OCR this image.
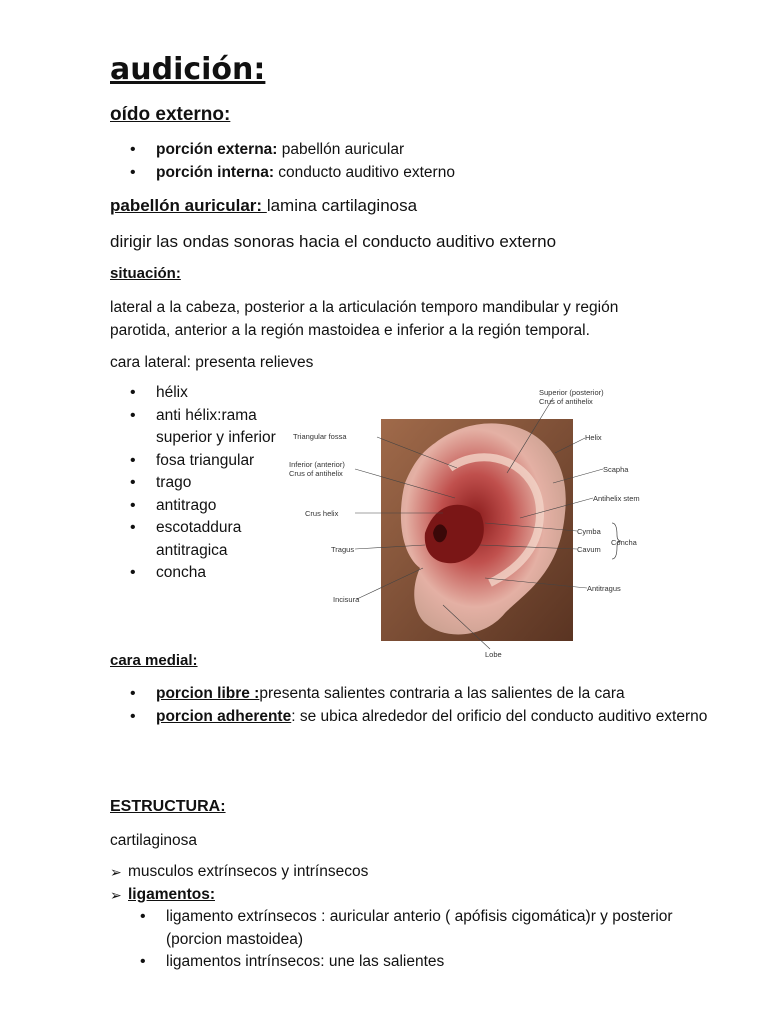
audición:
oído externo:
• porción externa: pabellón auricular
• porción interna: conducto auditivo externo
pabellón auricular: lamina cartilaginosa
dirigir las ondas sonoras hacia el conducto auditivo externo
situación:

lateral a la cabeza, posterior a la articulación temporo mandibular y región parotida, anterior a la región mastoidea e inferior a la región temporal.

cara lateral: presenta relieves

• hélix
• anti hélix:rama superior y inferior
• fosa triangular
• trago
• antitrago
• escotaddura antitragica
• concha
cara medial:
• porcion libre :presenta salientes contraria a las salientes de la cara
• porcion adherente: se ubica alrededor del orificio del conducto auditivo externo
ESTRUCTURA:

cartilaginosa

➢ musculos extrínsecos y intrínsecos
➢ ligamentos:
• ligamento extrínsecos : auricular anterio ( apófisis cigomática)r y posterior (porcion mastoidea)
• ligamentos intrínsecos: une las salientes
Superior (posterior)
Crus of antihelix
Triangular fossa	Helix
Inferior (anterior)
Crus of antihelix	Scapha
Antihelix stem
Crus helix
Cymba
Concha
Cavum
Tragus
Antitragus
Incisura
Lobe
